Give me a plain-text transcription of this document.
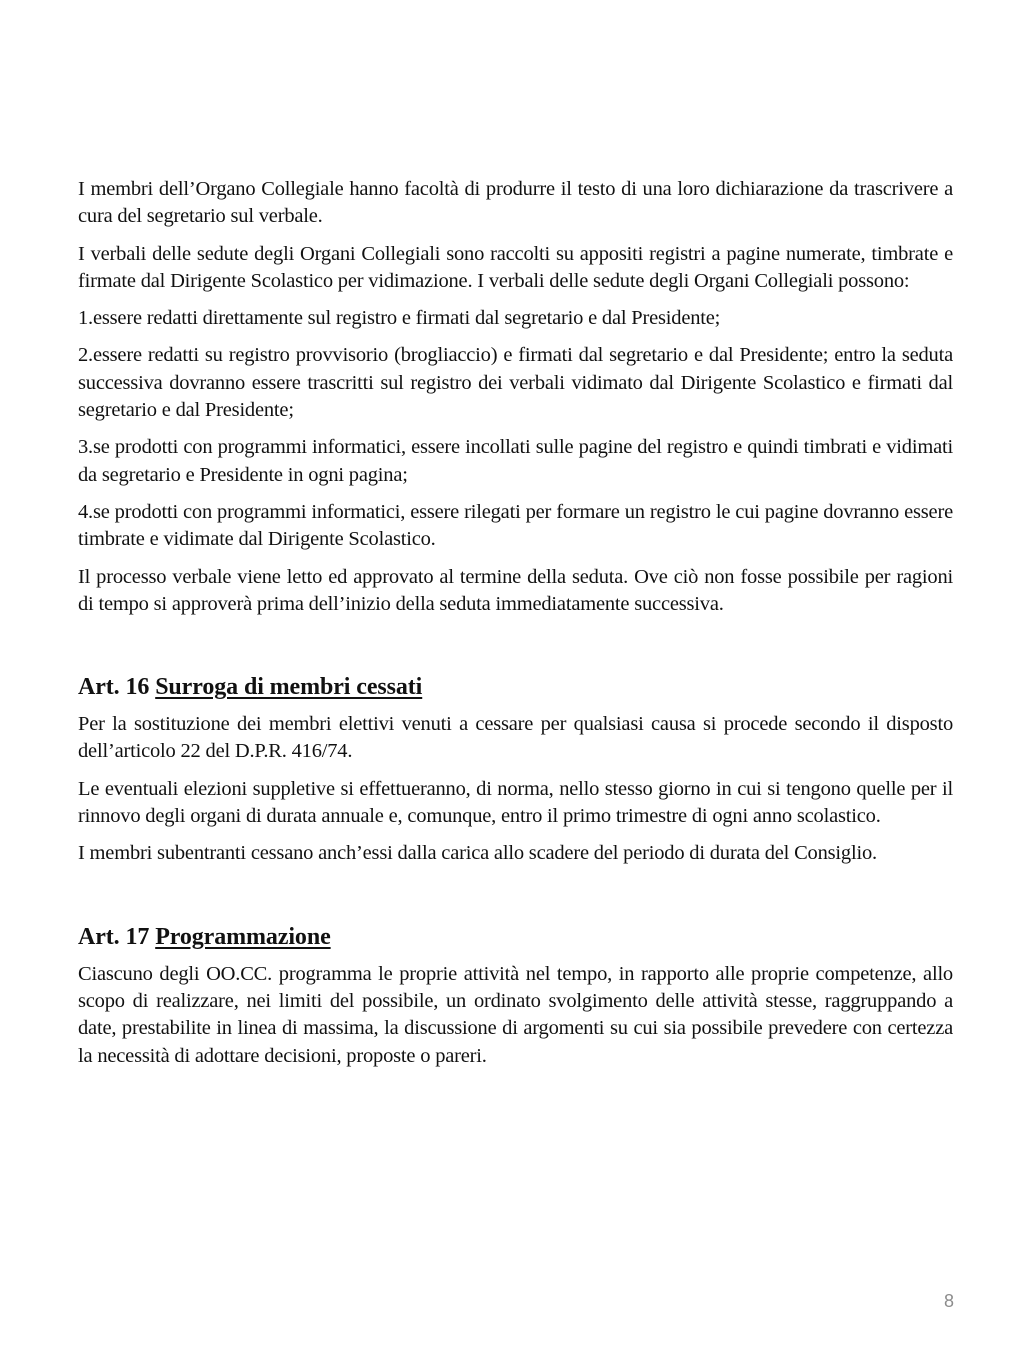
I membri dell’Organo Collegiale hanno facoltà di produrre il testo di una loro dichiarazione da trascrivere a cura del segretario sul verbale.

I verbali delle sedute degli Organi Collegiali sono raccolti su appositi registri a pagine numerate, timbrate e firmate dal Dirigente Scolastico per vidimazione. I verbali delle sedute degli Organi Collegiali possono:

1.essere redatti direttamente sul registro e firmati dal segretario e dal Presidente;

2.essere redatti su registro provvisorio (brogliaccio) e firmati dal segretario e dal Presidente; entro la seduta successiva dovranno essere trascritti sul registro dei verbali vidimato dal Dirigente Scolastico e firmati dal segretario e dal Presidente;

3.se prodotti con programmi informatici, essere incollati sulle pagine del registro e quindi timbrati e vidimati da segretario e Presidente in ogni pagina;

4.se prodotti con programmi informatici, essere rilegati per formare un registro le cui pagine dovranno essere timbrate e vidimate dal Dirigente Scolastico.

Il processo verbale viene letto ed approvato al termine della seduta. Ove ciò non fosse possibile per ragioni di tempo si approverà prima dell’inizio della seduta immediatamente successiva.

Art. 16 Surroga di membri cessati

Per la sostituzione dei membri elettivi venuti a cessare per qualsiasi causa si procede secondo il disposto dell’articolo 22 del D.P.R. 416/74.

Le eventuali elezioni suppletive si effettueranno, di norma, nello stesso giorno in cui si tengono quelle per il rinnovo degli organi di durata annuale e, comunque, entro il primo trimestre di ogni anno scolastico.

I membri subentranti cessano anch’essi dalla carica allo scadere del periodo di durata del Consiglio.

Art. 17 Programmazione

Ciascuno degli OO.CC. programma le proprie attività nel tempo, in rapporto alle proprie competenze, allo scopo di realizzare, nei limiti del possibile, un ordinato svolgimento delle attività stesse, raggruppando a date, prestabilite in linea di massima, la discussione di argomenti su cui sia possibile prevedere con certezza la necessità di adottare decisioni, proposte o pareri.

8
